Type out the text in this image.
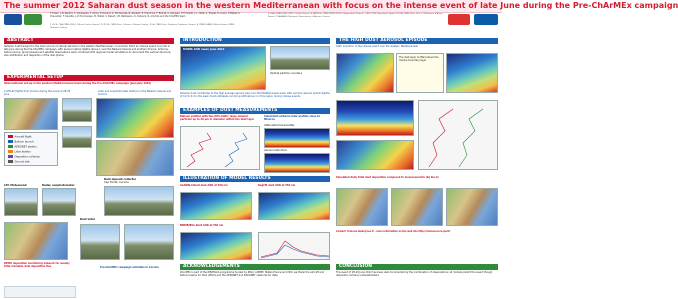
The summer 2012 Saharan dust season in the western Mediterranean with focus on the intense event of late June during the Pre-ChArMEx campaign
F. Dulac, J.-B. Renard, C. Verwaerde, F. Auriol, P. Durand, G. Momboisse, B. Gaubert, E. Hamonou, F. Burnet, C. Denjean, P. Formenti, J.-L. Attié, S. Triquet, R. Losno, P. Nabat, S. Chevaillier, F. Ravetta, J.-P. Pommereau, M. Mallet, S. Basart, J.M. Baldasano, O. Dubovik, N. Amiridis and the ChArMEx team
1 LSCE, CEA-CNRS-UVSQ, Gif-sur-Yvette, France; 2 LPC2E, CNRS-Univ. Orléans, Orléans, France; 3 LA, CNRS-Univ. Toulouse, Toulouse, France; 4 CNRM-GAME, Météo-France-CNRS, Toulouse, France
5 LISA, CNRS-UPEC-UPD, Créteil, France; 6 LATMOS, CNRS-UPMC-UVSQ, Guyancourt, France; 7 BSC-CNS, Barcelona, Spain; 8 LOA, CNRS-Univ. Lille 1, Villeneuve d'Ascq, France; 9 IAASARS, National Observatory of Athens, Greece
ABSTRACT
Saharan dust transport is the main source of natural aerosols in the western Mediterranean. In summer 2012 an intense event occurred in late June during the Pre-ChArMEx campaign, with aerosol optical depths above 1 over the Balearic Islands and southern France. Airborne, balloon-borne, ground-based and satellite observations were combined with regional model simulations to document the vertical structure, size distribution and deposition of the dust plume.
EXPERIMENTAL SETUP
Observational set-up in the western Mediterranean basin during the Pre-ChArMEx campaign (June-July 2012)
2 ATR-42 flights from Corsica during the event of 28-29 June
Lidar and sunphotometer stations in the Balearic Islands and Corsica
Aircraft flight
Balloon launch
AERONET station
Lidar station
Deposition collector
Ground site
LPC Meteosond	Radar, sunphotometer
Dust deposit collector
Cap Ferrat, Corsica
Dust Lidar
DEMO deposition monitoring network for weekly total insoluble dust deposition flux	Pre-ChArMEx campaign activities in Corsica
INTRODUCTION
MODIS AOD mean June 2012
Optical particle counters
Saharan dust contributes to the high average aerosol load over the Mediterranean basin with summer aerosol optical depths of 0.2 to 0.4 in the west. Dust outbreaks can bring AOD above 1 in this region during intense events.
EXAMPLES OF DUST MEASUREMENTS
Balloon profiles with two OPC-LOAC; large mineral particles up to 20 µm in diameter within the dust layer
Coincident airborne lidar profiles close to Minorca
Attenuated backscatter
Aerosol extinction
ILLUSTRATION OF MODEL RESULTS
ALADIN-Climat dust AOD at 550 nm	RegCM dust AOD at 550 nm
NMMB/BSC-Dust AOD at 550 nm
THE HIGH DUST AEROSOL EPISODE
AOD: evolution of the intense event over the western Mediterranean
The dust layer is lifted above the marine boundary layer
Simulated daily total dust deposition compared to measurements (kg km-2)
Contact: francois.dulac@cea.fr - more information on the web site http://charmex.lsce.ipsl.fr
ACKNOWLEDGEMENTS
ChArMEx is part of the MISTRALS programme funded by INSU, ADEME, Météo-France and CEA; we thank the aircraft and balloon teams for their efforts and the AERONET and EARLINET networks for data.
CONCLUSION
The event of 28-29 June 2012 has been well documented by the combination of observations; all models predict the event though deposition remains underestimated.
